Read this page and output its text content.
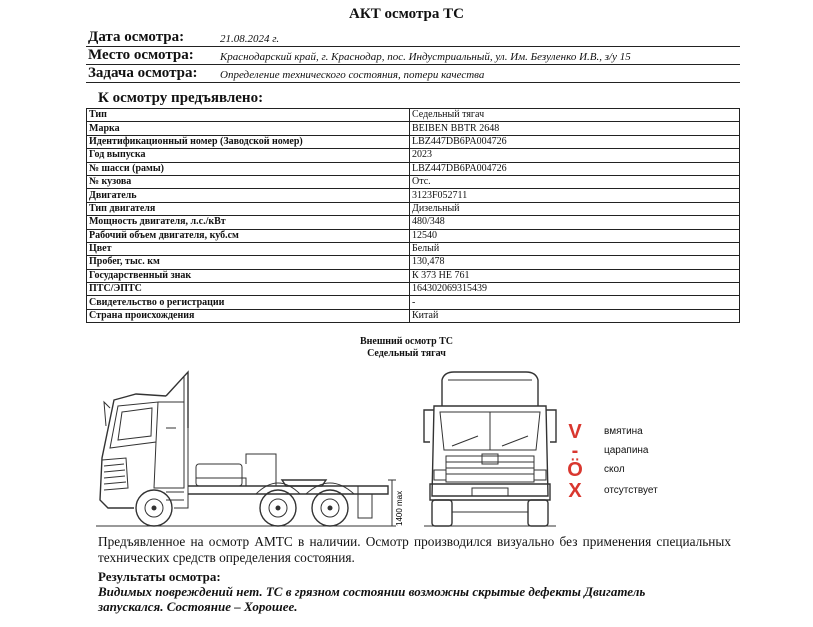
АКТ осмотра ТС
Дата осмотра:	21.08.2024 г.
Место осмотра: Краснодарский край, г. Краснодар, пос. Индустриальный, ул. Им. Безуленко И.В., з/у 15
Задача осмотра: Определение технического состояния, потери качества
К осмотру предъявлено:
Тип	Седельный тягач
Марка	BEIBEN BBTR 2648
Идентификационный номер (Заводской номер)	LBZ447DB6PA004726
Год выпуска	2023
№ шасси (рамы)	LBZ447DB6PA004726
№ кузова	Отс.
Двигатель	3123F052711
Тип двигателя	Дизельный
Мощность двигателя, л.с./кВт	480/348
Рабочий объем двигателя, куб.см	12540
Цвет	Белый
Пробег, тыс. км	130,478
Государственный знак	К 373 НЕ 761
ПТС/ЭПТС	164302069315439
Свидетельство о регистрации	-
Страна происхождения	Китай
Внешний осмотр ТС
Седельный тягач
1400 max
V	вмятина
-	царапина
Ö	скол
X	отсутствует
Предъявленное на осмотр АМТС в наличии. Осмотр производился визуально без применения специальных технических средств определения состояния.
Результаты осмотра:
Видимых повреждений нет. ТС в грязном состоянии возможны скрытые дефекты Двигатель запускался. Состояние – Хорошее.
